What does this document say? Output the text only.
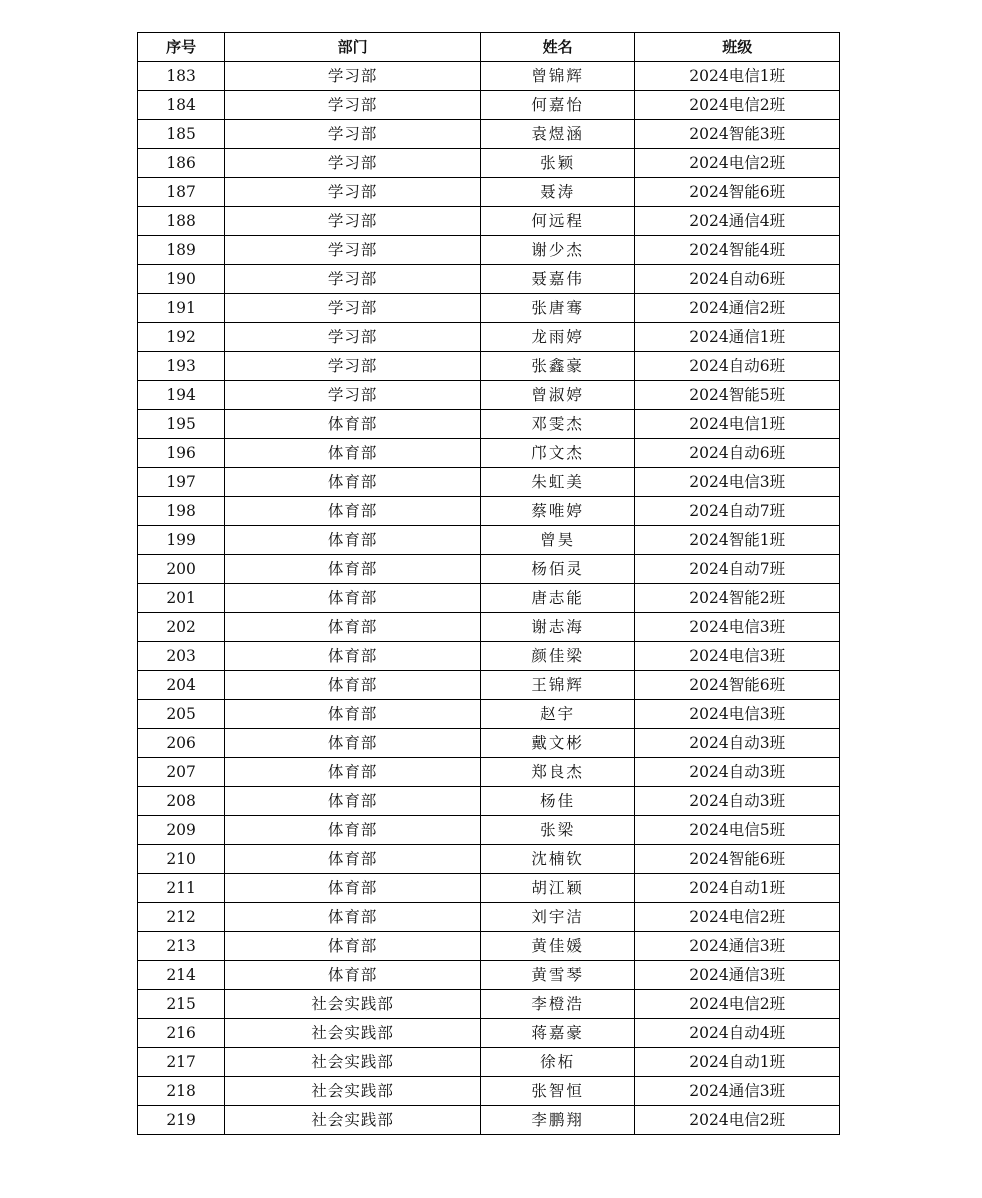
序号	部门	姓名	班级
183	学习部	曾锦辉	2024电信1班
184	学习部	何嘉怡	2024电信2班
185	学习部	袁煜涵	2024智能3班
186	学习部	张颖	2024电信2班
187	学习部	聂涛	2024智能6班
188	学习部	何远程	2024通信4班
189	学习部	谢少杰	2024智能4班
190	学习部	聂嘉伟	2024自动6班
191	学习部	张唐骞	2024通信2班
192	学习部	龙雨婷	2024通信1班
193	学习部	张鑫豪	2024自动6班
194	学习部	曾淑婷	2024智能5班
195	体育部	邓雯杰	2024电信1班
196	体育部	邝文杰	2024自动6班
197	体育部	朱虹美	2024电信3班
198	体育部	蔡唯婷	2024自动7班
199	体育部	曾昊	2024智能1班
200	体育部	杨佰灵	2024自动7班
201	体育部	唐志能	2024智能2班
202	体育部	谢志海	2024电信3班
203	体育部	颜佳梁	2024电信3班
204	体育部	王锦辉	2024智能6班
205	体育部	赵宇	2024电信3班
206	体育部	戴文彬	2024自动3班
207	体育部	郑良杰	2024自动3班
208	体育部	杨佳	2024自动3班
209	体育部	张梁	2024电信5班
210	体育部	沈楠钦	2024智能6班
211	体育部	胡江颖	2024自动1班
212	体育部	刘宇洁	2024电信2班
213	体育部	黄佳媛	2024通信3班
214	体育部	黄雪琴	2024通信3班
215	社会实践部	李橙浩	2024电信2班
216	社会实践部	蒋嘉豪	2024自动4班
217	社会实践部	徐柘	2024自动1班
218	社会实践部	张智恒	2024通信3班
219	社会实践部	李鹏翔	2024电信2班
